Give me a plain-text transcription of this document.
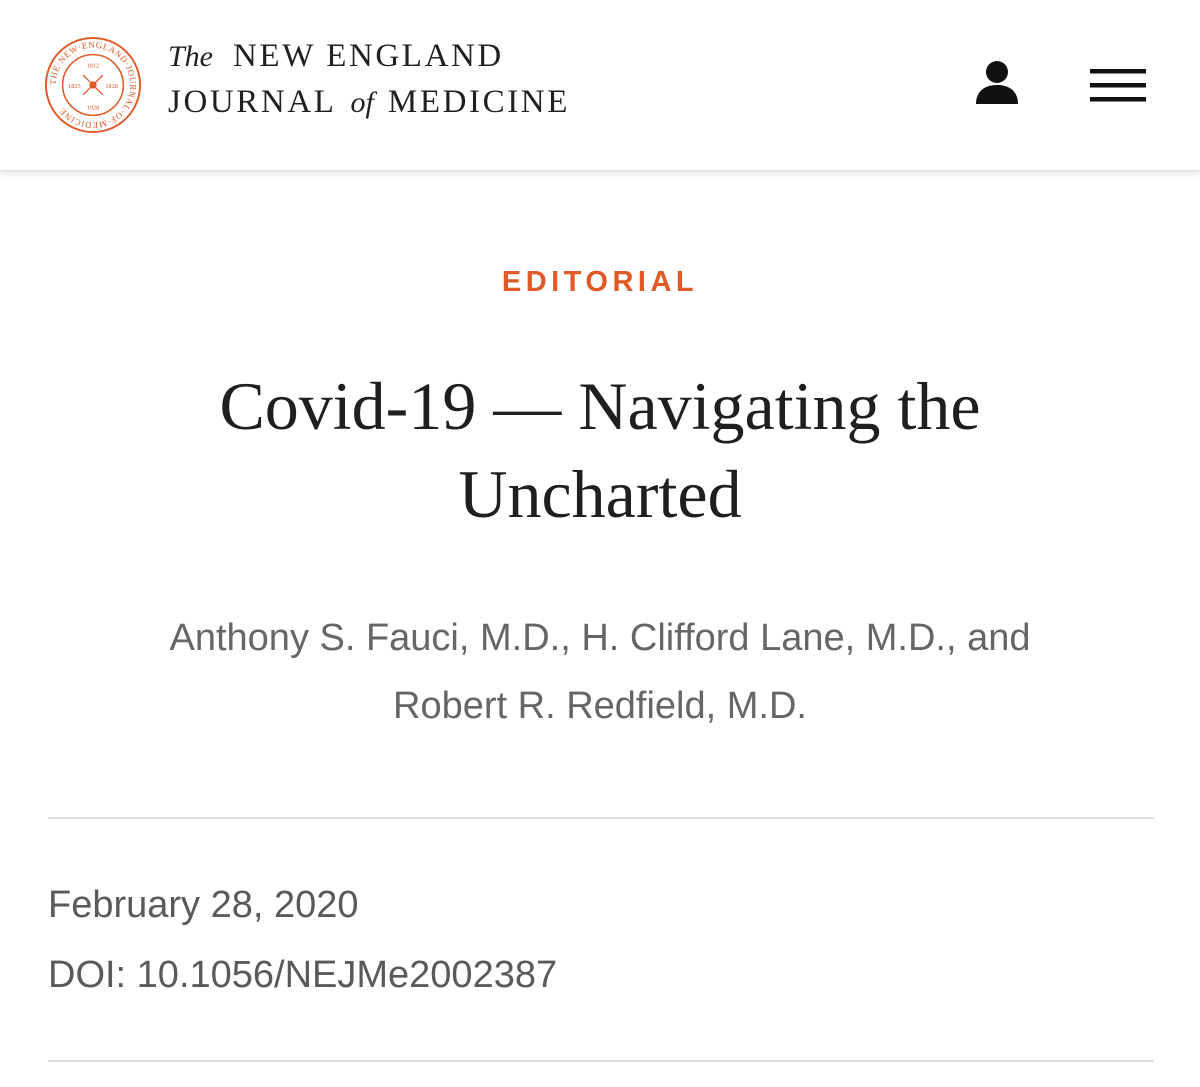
THE·NEW·ENGLAND·JOURNAL·OF·MEDICINE
1812
1823	1828
1928
The NEW ENGLAND
JOURNAL of MEDICINE
EDITORIAL
Covid-19 — Navigating the Uncharted
Anthony S. Fauci, M.D., H. Clifford Lane, M.D., and
Robert R. Redfield, M.D.
February 28, 2020
DOI: 10.1056/NEJMe2002387
